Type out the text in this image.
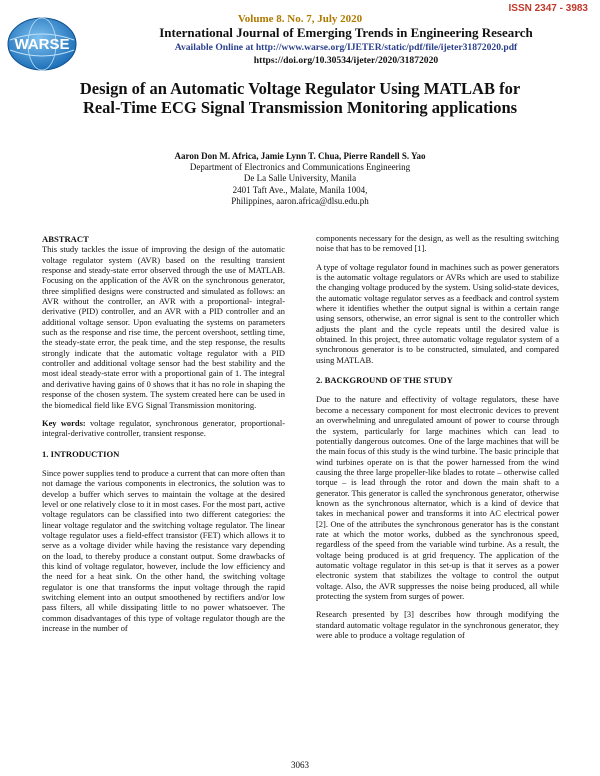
ISSN 2347 - 3983
WARSE
Volume 8. No. 7, July 2020
International Journal of Emerging Trends in Engineering Research
Available Online at http://www.warse.org/IJETER/static/pdf/file/ijeter31872020.pdf
https://doi.org/10.30534/ijeter/2020/31872020
Design of an Automatic Voltage Regulator Using MATLAB for Real-Time ECG Signal Transmission Monitoring applications
Aaron Don M. Africa, Jamie Lynn T. Chua, Pierre Randell S. Yao
Department of Electronics and Communications Engineering
De La Salle University, Manila
2401 Taft Ave., Malate, Manila 1004,
Philippines, aaron.africa@dlsu.edu.ph
ABSTRACT

This study tackles the issue of improving the design of the automatic voltage regulator system (AVR) based on the resulting transient response and steady-state error observed through the use of MATLAB. Focusing on the application of the AVR on the synchronous generator, three simplified designs were constructed and simulated as follows: an AVR without the controller, an AVR with a proportional- integral-derivative (PID) controller, and an AVR with a PID controller and an additional voltage sensor. Upon evaluating the systems on parameters such as the response and rise time, the percent overshoot, settling time, the steady-state error, the peak time, and the step response, the results strongly indicate that the automatic voltage regulator with a PID controller and additional voltage sensor had the best stability and the most ideal steady-state error with a proportional gain of 1. The integral and derivative having gains of 0 shows that it has no role in shaping the response of the chosen system. The system created here can be used in the biomedical field like EVG Signal Transmission monitoring.

Key words: voltage regulator, synchronous generator, proportional-integral-derivative controller, transient response.

1. INTRODUCTION

Since power supplies tend to produce a current that can more often than not damage the various components in electronics, the solution was to develop a buffer which serves to maintain the voltage at the desired level or one relatively close to it in most cases. For the most part, active voltage regulators can be classified into two different categories: the linear voltage regulator and the switching voltage regulator. The linear voltage regulator uses a field-effect transistor (FET) which allows it to serve as a voltage divider while having the resistance vary depending on the load, to thereby produce a constant output. Some drawbacks of this kind of voltage regulator, however, include the low efficiency and the need for a heat sink. On the other hand, the switching voltage regulator is one that transforms the input voltage through the rapid switching element into an output smoothened by rectifiers and/or low pass filters, all while dissipating little to no power whatsoever. The common disadvantages of this type of voltage regulator though are the increase in the number of

components necessary for the design, as well as the resulting switching noise that has to be removed [1].

A type of voltage regulator found in machines such as power generators is the automatic voltage regulators or AVRs which are used to stabilize the changing voltage produced by the system. Using solid-state devices, the automatic voltage regulator serves as a feedback and control system where it identifies whether the output signal is within a certain range using sensors, otherwise, an error signal is sent to the controller which adjusts the plant and the cycle repeats until the desired value is obtained. In this project, three automatic voltage regulator system of a synchronous generator is to be constructed, simulated, and compared using MATLAB.

2. BACKGROUND OF THE STUDY

Due to the nature and effectivity of voltage regulators, these have become a necessary component for most electronic devices to prevent an overwhelming and unregulated amount of power to course through the system, particularly for large machines which can lead to potentially dangerous outcomes. One of the large machines that will be the main focus of this study is the wind turbine. The basic principle that wind turbines operate on is that the power harnessed from the wind causing the three large propeller-like blades to rotate – otherwise called torque – is lead through the rotor and down the main shaft to a generator. This generator is called the synchronous generator, otherwise known as the synchronous alternator, which is a kind of device that takes in mechanical power and transforms it into AC electrical power [2]. One of the attributes the synchronous generator has is the constant rate at which the motor works, dubbed as the synchronous speed, regardless of the speed from the variable wind turbine. As a result, the voltage being produced is at grid frequency. The application of the automatic voltage regulator in this set-up is that it serves as a power electronic system that stabilizes the voltage to control the output voltage. Also, the AVR suppresses the noise being produced, all while protecting the system from surges of power.

Research presented by [3] describes how through modifying the standard automatic voltage regulator in the synchronous generator, they were able to produce a voltage regulation of

3063
